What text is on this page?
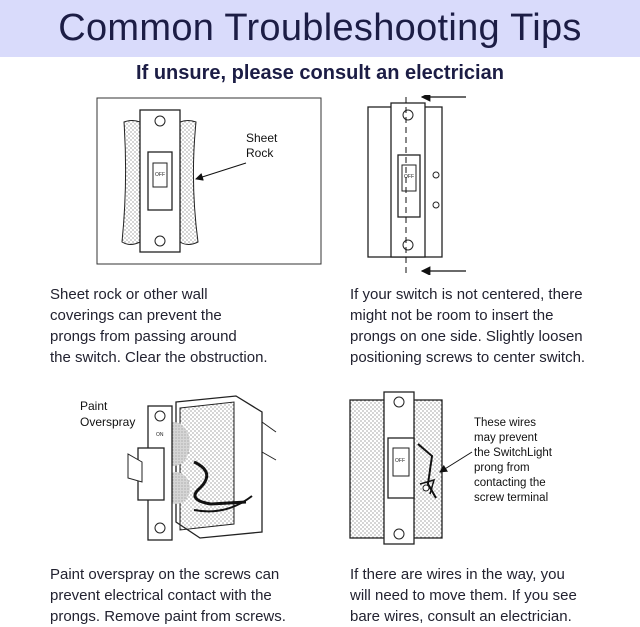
Common Troubleshooting Tips
If unsure, please consult an electrician
OFF
Sheet Rock

Sheet rock or other wall
coverings can prevent the
prongs from passing around
the switch. Clear the obstruction.

OFF

If your switch is not centered, there
might not be room to insert the
prongs on one side. Slightly loosen
positioning screws to center switch.

Paint Overspray
ON

Paint overspray on the screws can
prevent electrical contact with the
prongs. Remove paint from screws.

OFF
These wires may prevent the SwitchLight prong from contacting the screw terminal

If there are wires in the way, you
will need to move them. If you see
bare wires, consult an electrician.
